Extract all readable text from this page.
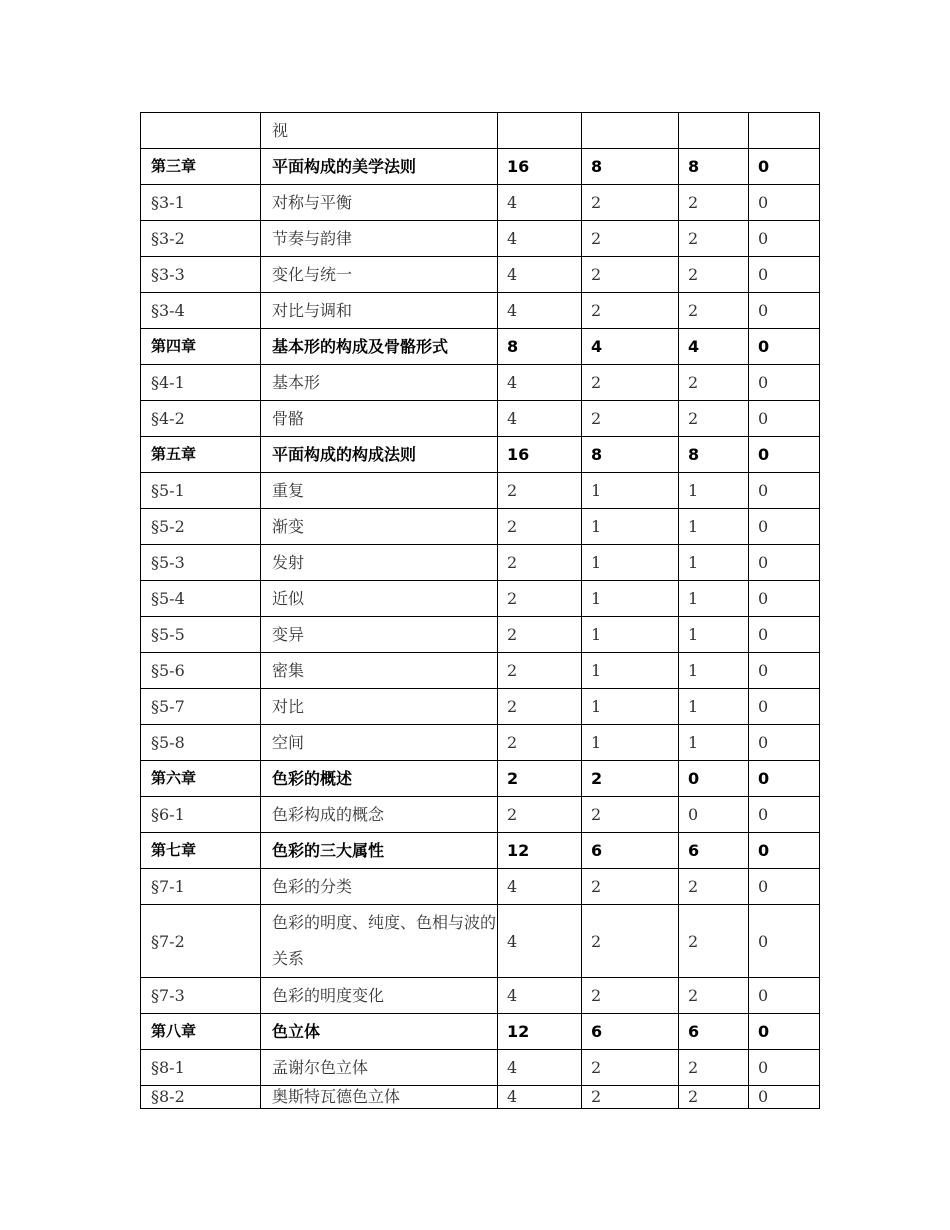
	视				
第三章	平面构成的美学法则	16	8	8	0
§3-1	对称与平衡	4	2	2	0
§3-2	节奏与韵律	4	2	2	0
§3-3	变化与统一	4	2	2	0
§3-4	对比与调和	4	2	2	0
第四章	基本形的构成及骨骼形式	8	4	4	0
§4-1	基本形	4	2	2	0
§4-2	骨骼	4	2	2	0
第五章	平面构成的构成法则	16	8	8	0
§5-1	重复	2	1	1	0
§5-2	渐变	2	1	1	0
§5-3	发射	2	1	1	0
§5-4	近似	2	1	1	0
§5-5	变异	2	1	1	0
§5-6	密集	2	1	1	0
§5-7	对比	2	1	1	0
§5-8	空间	2	1	1	0
第六章	色彩的概述	2	2	0	0
§6-1	色彩构成的概念	2	2	0	0
第七章	色彩的三大属性	12	6	6	0
§7-1	色彩的分类	4	2	2	0
§7-2	色彩的明度、纯度、色相与波的关系	4	2	2	0
§7-3	色彩的明度变化	4	2	2	0
第八章	色立体	12	6	6	0
§8-1	孟谢尔色立体	4	2	2	0
§8-2	奥斯特瓦德色立体	4	2	2	0
